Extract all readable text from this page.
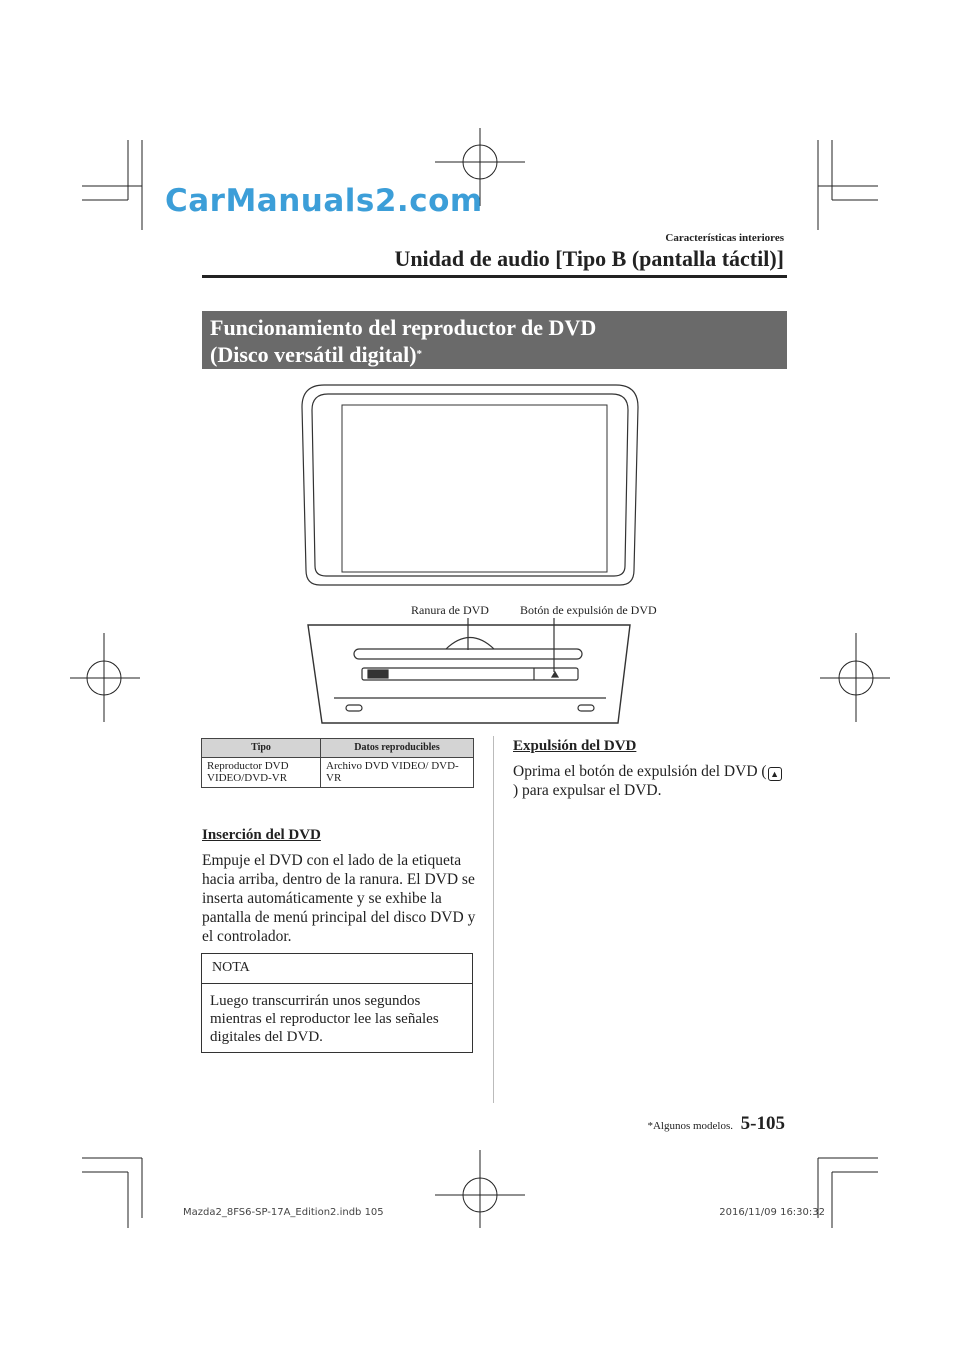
CarManuals2.com
Características interiores
Unidad de audio [Tipo B (pantalla táctil)]
Funcionamiento del reproductor de DVD
(Disco versátil digital)*
Ranura de DVD	Botón de expulsión de DVD
Tipo	Datos reproducibles
Reproductor DVD VIDEO/DVD-VR	Archivo DVD VIDEO/ DVD-VR
Inserción del DVD
Empuje el DVD con el lado de la etiqueta hacia arriba, dentro de la ranura. El DVD se inserta automáticamente y se exhibe la pantalla de menú principal del disco DVD y el controlador.
NOTA
Luego transcurrirán unos segundos mientras el reproductor lee las señales digitales del DVD.
Expulsión del DVD
Oprima el botón de expulsión del DVD ( ▲) para expulsar el DVD.
*Algunos modelos. 5-105
Mazda2_8FS6-SP-17A_Edition2.indb 105	2016/11/09 16:30:32
